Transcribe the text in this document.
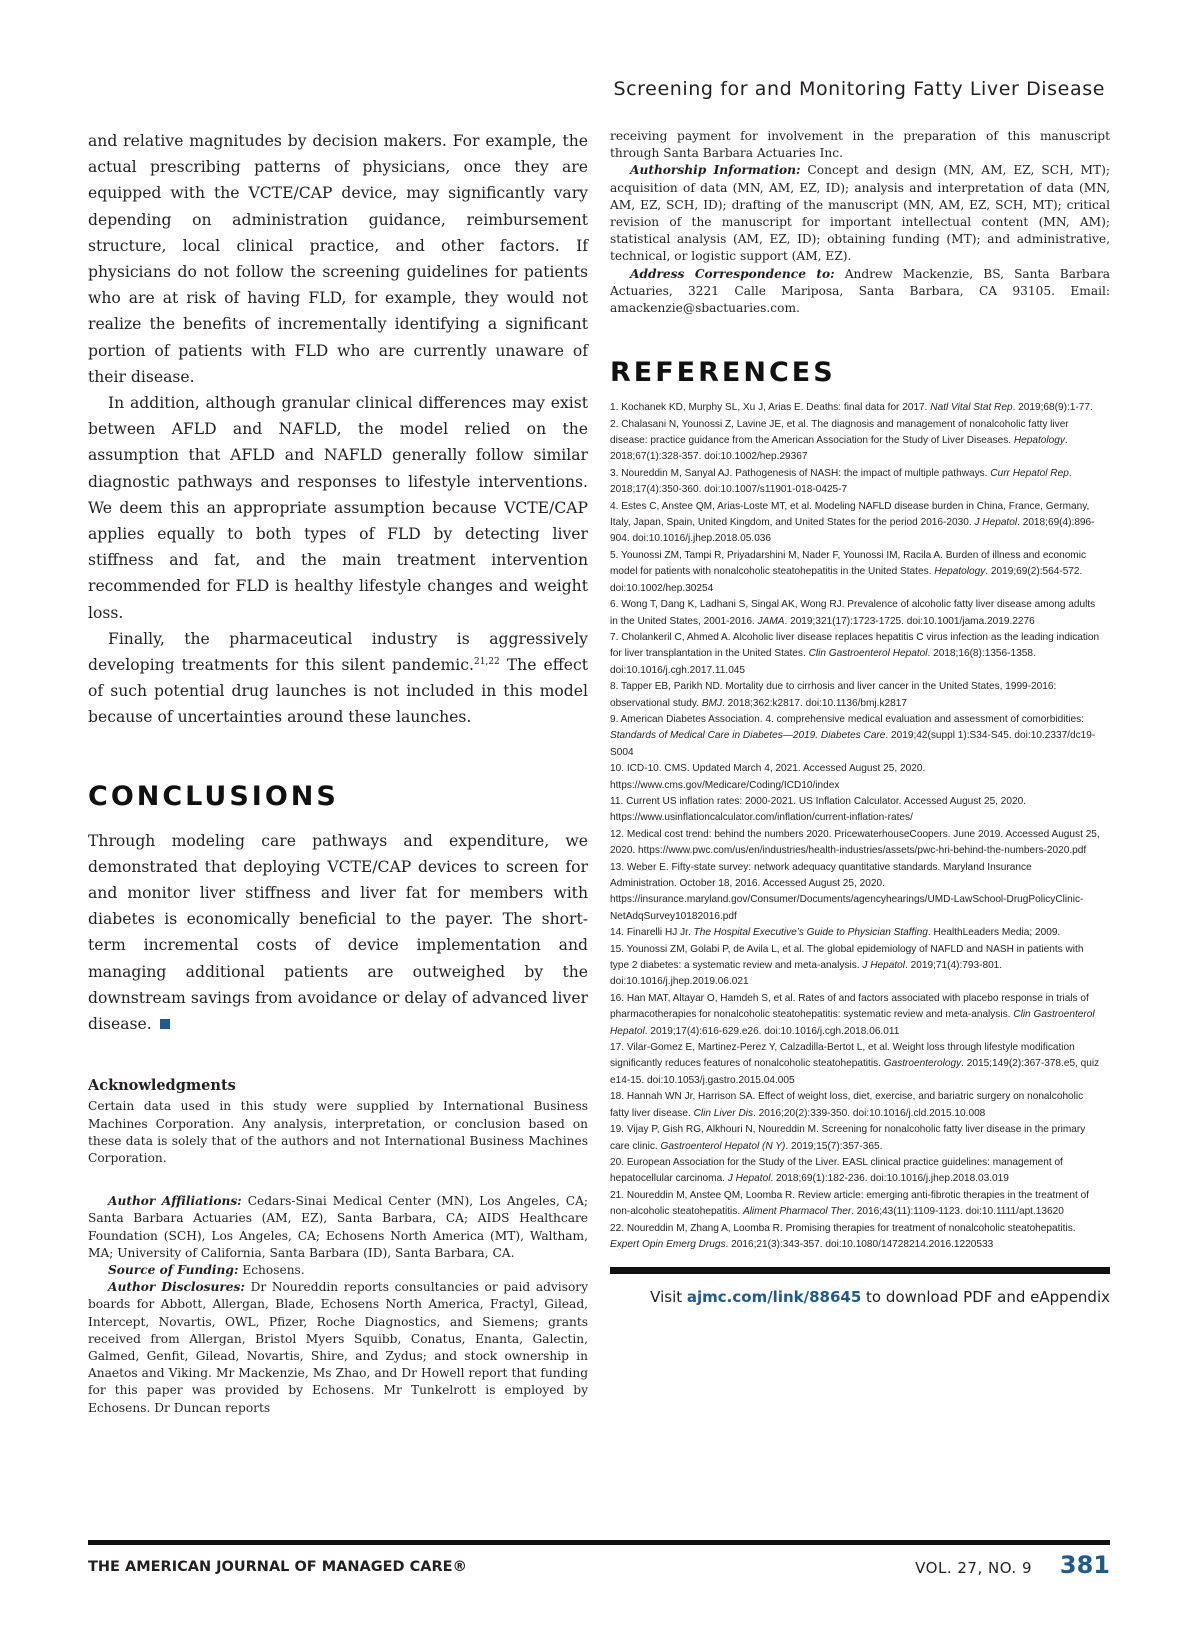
Screening for and Monitoring Fatty Liver Disease

and relative magnitudes by decision makers. For example, the actual prescribing patterns of physicians, once they are equipped with the VCTE/CAP device, may significantly vary depending on administration guidance, reimbursement structure, local clinical practice, and other factors. If physicians do not follow the screening guidelines for patients who are at risk of having FLD, for example, they would not realize the benefits of incrementally identifying a significant portion of patients with FLD who are currently unaware of their disease.

In addition, although granular clinical differences may exist between AFLD and NAFLD, the model relied on the assumption that AFLD and NAFLD generally follow similar diagnostic pathways and responses to lifestyle interventions. We deem this an appropriate assumption because VCTE/CAP applies equally to both types of FLD by detecting liver stiffness and fat, and the main treatment intervention recommended for FLD is healthy lifestyle changes and weight loss.

Finally, the pharmaceutical industry is aggressively developing treatments for this silent pandemic.$^{21,22}$ The effect of such potential drug launches is not included in this model because of uncertainties around these launches.

CONCLUSIONS

Through modeling care pathways and expenditure, we demonstrated that deploying VCTE/CAP devices to screen for and monitor liver stiffness and liver fat for members with diabetes is economically beneficial to the payer. The short-term incremental costs of device implementation and managing additional patients are outweighed by the downstream savings from avoidance or delay of advanced liver disease.

Acknowledgments

Certain data used in this study were supplied by International Business Machines Corporation. Any analysis, interpretation, or conclusion based on these data is solely that of the authors and not International Business Machines Corporation.

Author Affiliations: Cedars-Sinai Medical Center (MN), Los Angeles, CA; Santa Barbara Actuaries (AM, EZ), Santa Barbara, CA; AIDS Healthcare Foundation (SCH), Los Angeles, CA; Echosens North America (MT), Waltham, MA; University of California, Santa Barbara (ID), Santa Barbara, CA.

Source of Funding: Echosens.

Author Disclosures: Dr Noureddin reports consultancies or paid advisory boards for Abbott, Allergan, Blade, Echosens North America, Fractyl, Gilead, Intercept, Novartis, OWL, Pfizer, Roche Diagnostics, and Siemens; grants received from Allergan, Bristol Myers Squibb, Conatus, Enanta, Galectin, Galmed, Genfit, Gilead, Novartis, Shire, and Zydus; and stock ownership in Anaetos and Viking. Mr Mackenzie, Ms Zhao, and Dr Howell report that funding for this paper was provided by Echosens. Mr Tunkelrott is employed by Echosens. Dr Duncan reports

receiving payment for involvement in the preparation of this manuscript through Santa Barbara Actuaries Inc.

Authorship Information: Concept and design (MN, AM, EZ, SCH, MT); acquisition of data (MN, AM, EZ, ID); analysis and interpretation of data (MN, AM, EZ, SCH, ID); drafting of the manuscript (MN, AM, EZ, SCH, MT); critical revision of the manuscript for important intellectual content (MN, AM); statistical analysis (AM, EZ, ID); obtaining funding (MT); and administrative, technical, or logistic support (AM, EZ).

Address Correspondence to: Andrew Mackenzie, BS, Santa Barbara Actuaries, 3221 Calle Mariposa, Santa Barbara, CA 93105. Email: amackenzie@sbactuaries.com.

REFERENCES
1. Kochanek KD, Murphy SL, Xu J, Arias E. Deaths: final data for 2017. Natl Vital Stat Rep. 2019;68(9):1-77.
2. Chalasani N, Younossi Z, Lavine JE, et al. The diagnosis and management of nonalcoholic fatty liver disease: practice guidance from the American Association for the Study of Liver Diseases. Hepatology. 2018;67(1):328-357. doi:10.1002/hep.29367
3. Noureddin M, Sanyal AJ. Pathogenesis of NASH: the impact of multiple pathways. Curr Hepatol Rep. 2018;17(4):350-360. doi:10.1007/s11901-018-0425-7
4. Estes C, Anstee QM, Arias-Loste MT, et al. Modeling NAFLD disease burden in China, France, Germany, Italy, Japan, Spain, United Kingdom, and United States for the period 2016-2030. J Hepatol. 2018;69(4):896-904. doi:10.1016/j.jhep.2018.05.036
5. Younossi ZM, Tampi R, Priyadarshini M, Nader F, Younossi IM, Racila A. Burden of illness and economic model for patients with nonalcoholic steatohepatitis in the United States. Hepatology. 2019;69(2):564-572. doi:10.1002/hep.30254
6. Wong T, Dang K, Ladhani S, Singal AK, Wong RJ. Prevalence of alcoholic fatty liver disease among adults in the United States, 2001-2016. JAMA. 2019;321(17):1723-1725. doi:10.1001/jama.2019.2276
7. Cholankeril C, Ahmed A. Alcoholic liver disease replaces hepatitis C virus infection as the leading indication for liver transplantation in the United States. Clin Gastroenterol Hepatol. 2018;16(8):1356-1358. doi:10.1016/j.cgh.2017.11.045
8. Tapper EB, Parikh ND. Mortality due to cirrhosis and liver cancer in the United States, 1999-2016: observational study. BMJ. 2018;362:k2817. doi:10.1136/bmj.k2817
9. American Diabetes Association. 4. comprehensive medical evaluation and assessment of comorbidities: Standards of Medical Care in Diabetes—2019. Diabetes Care. 2019;42(suppl 1):S34-S45. doi:10.2337/dc19-S004
10. ICD-10. CMS. Updated March 4, 2021. Accessed August 25, 2020. https://www.cms.gov/Medicare/Coding/ICD10/index
11. Current US inflation rates: 2000-2021. US Inflation Calculator. Accessed August 25, 2020. https://www.usinflationcalculator.com/inflation/current-inflation-rates/
12. Medical cost trend: behind the numbers 2020. PricewaterhouseCoopers. June 2019. Accessed August 25, 2020. https://www.pwc.com/us/en/industries/health-industries/assets/pwc-hri-behind-the-numbers-2020.pdf
13. Weber E. Fifty-state survey: network adequacy quantitative standards. Maryland Insurance Administration. October 18, 2016. Accessed August 25, 2020. https://insurance.maryland.gov/Consumer/Documents/agencyhearings/UMD-LawSchool-DrugPolicyClinic-NetAdqSurvey10182016.pdf
14. Finarelli HJ Jr. The Hospital Executive’s Guide to Physician Staffing. HealthLeaders Media; 2009.
15. Younossi ZM, Golabi P, de Avila L, et al. The global epidemiology of NAFLD and NASH in patients with type 2 diabetes: a systematic review and meta-analysis. J Hepatol. 2019;71(4):793-801. doi:10.1016/j.jhep.2019.06.021
16. Han MAT, Altayar O, Hamdeh S, et al. Rates of and factors associated with placebo response in trials of pharmacotherapies for nonalcoholic steatohepatitis: systematic review and meta-analysis. Clin Gastroenterol Hepatol. 2019;17(4):616-629.e26. doi:10.1016/j.cgh.2018.06.011
17. Vilar-Gomez E, Martinez-Perez Y, Calzadilla-Bertot L, et al. Weight loss through lifestyle modification significantly reduces features of nonalcoholic steatohepatitis. Gastroenterology. 2015;149(2):367-378.e5, quiz e14-15. doi:10.1053/j.gastro.2015.04.005
18. Hannah WN Jr, Harrison SA. Effect of weight loss, diet, exercise, and bariatric surgery on nonalcoholic fatty liver disease. Clin Liver Dis. 2016;20(2):339-350. doi:10.1016/j.cld.2015.10.008
19. Vijay P, Gish RG, Alkhouri N, Noureddin M. Screening for nonalcoholic fatty liver disease in the primary care clinic. Gastroenterol Hepatol (N Y). 2019;15(7):357-365.
20. European Association for the Study of the Liver. EASL clinical practice guidelines: management of hepatocellular carcinoma. J Hepatol. 2018;69(1):182-236. doi:10.1016/j.jhep.2018.03.019
21. Noureddin M, Anstee QM, Loomba R. Review article: emerging anti-fibrotic therapies in the treatment of non-alcoholic steatohepatitis. Aliment Pharmacol Ther. 2016;43(11):1109-1123. doi:10.1111/apt.13620
22. Noureddin M, Zhang A, Loomba R. Promising therapies for treatment of nonalcoholic steatohepatitis. Expert Opin Emerg Drugs. 2016;21(3):343-357. doi:10.1080/14728214.2016.1220533
Visit ajmc.com/link/88645 to download PDF and eAppendix
THE AMERICAN JOURNAL OF MANAGED CARE®	VOL. 27, NO. 9 381
